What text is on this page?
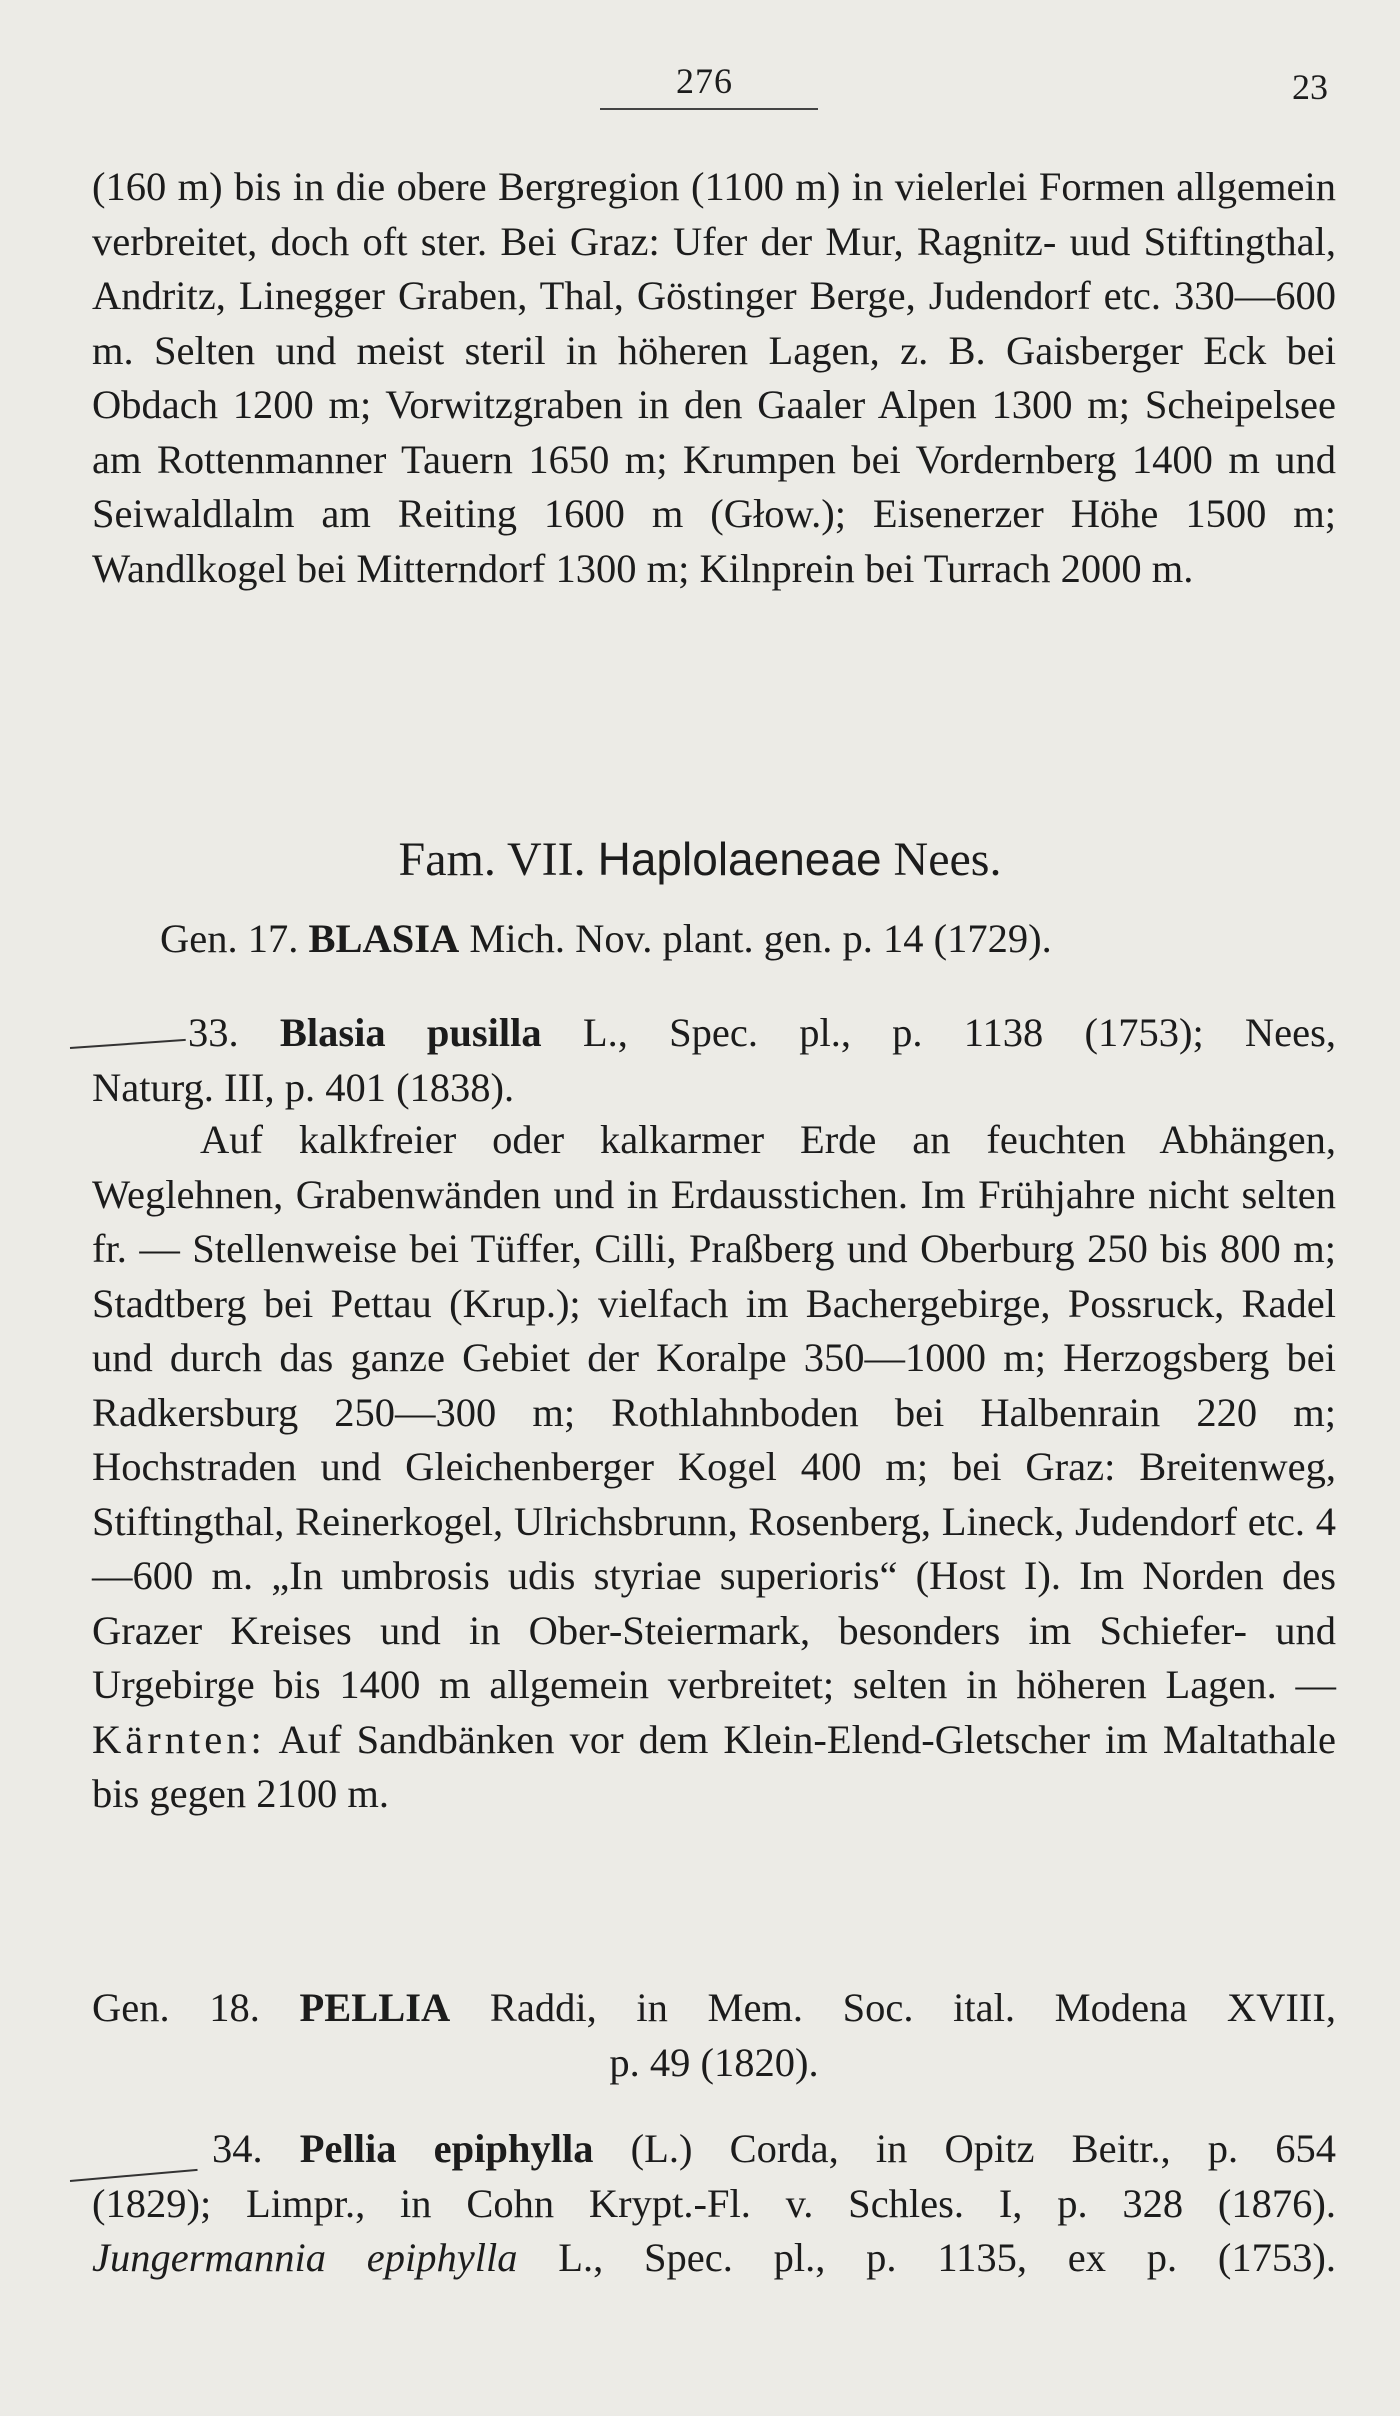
276	23

(160 m) bis in die obere Bergregion (1100 m) in vielerlei Formen allgemein verbreitet, doch oft ster. Bei Graz: Ufer der Mur, Ragnitz- uud Stiftingthal, Andritz, Linegger Graben, Thal, Göstinger Berge, Judendorf etc. 330—600 m. Selten und meist steril in höheren Lagen, z. B. Gaisberger Eck bei Obdach 1200 m; Vorwitzgraben in den Gaaler Alpen 1300 m; Scheipelsee am Rottenmanner Tauern 1650 m; Krumpen bei Vordernberg 1400 m und Seiwaldlalm am Reiting 1600 m (Głow.); Eisenerzer Höhe 1500 m; Wandlkogel bei Mitterndorf 1300 m; Kilnprein bei Turrach 2000 m.

Fam. VII. Haplolaeneae Nees.

Gen. 17. BLASIA Mich. Nov. plant. gen. p. 14 (1729).

33. Blasia pusilla L., Spec. pl., p. 1138 (1753); Nees,

Naturg. III, p. 401 (1838).

Auf kalkfreier oder kalkarmer Erde an feuchten Abhängen, Weglehnen, Grabenwänden und in Erdausstichen. Im Frühjahre nicht selten fr. — Stellenweise bei Tüffer, Cilli, Praßberg und Oberburg 250 bis 800 m; Stadtberg bei Pettau (Krup.); vielfach im Bachergebirge, Possruck, Radel und durch das ganze Gebiet der Koralpe 350—1000 m; Herzogsberg bei Radkersburg 250—300 m; Rothlahnboden bei Halbenrain 220 m; Hochstraden und Gleichenberger Kogel 400 m; bei Graz: Breitenweg, Stiftingthal, Reinerkogel, Ulrichsbrunn, Rosenberg, Lineck, Judendorf etc. 4—600 m. „In umbrosis udis styriae superioris“ (Host I). Im Norden des Grazer Kreises und in Ober-Steiermark, besonders im Schiefer- und Urgebirge bis 1400 m allgemein verbreitet; selten in höheren Lagen. — Kärnten: Auf Sandbänken vor dem Klein-Elend-Gletscher im Maltathale bis gegen 2100 m.

Gen. 18. PELLIA Raddi, in Mem. Soc. ital. Modena XVIII,

p. 49 (1820).

34. Pellia epiphylla (L.) Corda, in Opitz Beitr., p. 654

(1829); Limpr., in Cohn Krypt.-Fl. v. Schles. I, p. 328 (1876).

Jungermannia epiphylla L., Spec. pl., p. 1135, ex p. (1753).
